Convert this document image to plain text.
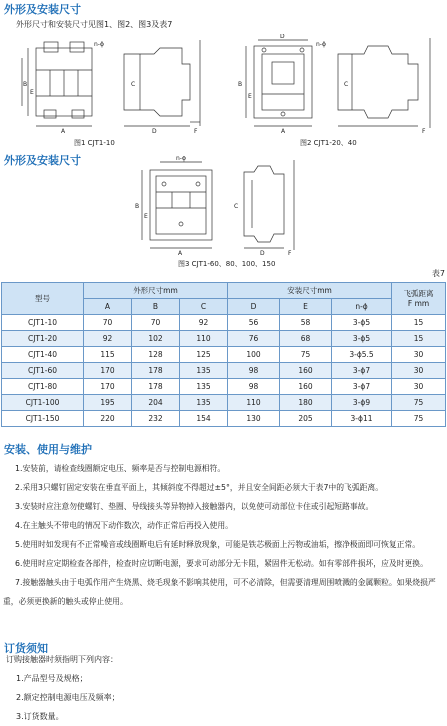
外形及安装尺寸
外形尺寸和安装尺寸见图1、图2、图3及表7
n-ϕ
B
E
A
C
D	F
图1 CJT1-10
n-ϕ
B
E
D
A
C
F
图2 CJT1-20、40
外形及安装尺寸	n-ϕ
B
E
A
C
D	F
图3 CJT1-60、80、100、150
表7
型号	外形尺寸mm			安装尺寸mm			飞弧距离
F mm
	A	B	C	D	E	n-ϕ	
CJT1-10	70	70	92	56	58	3-ϕ5	15
CJT1-20	92	102	110	76	68	3-ϕ5	15
CJT1-40	115	128	125	100	75	3-ϕ5.5	30
CJT1-60	170	178	135	98	160	3-ϕ7	30
CJT1-80	170	178	135	98	160	3-ϕ7	30
CJT1-100	195	204	135	110	180	3-ϕ9	75
CJT1-150	220	232	154	130	205	3-ϕ11	75
安装、使用与维护

1.安装前，请检查线圈额定电压、频率是否与控制电源相符。

2.采用3只螺钉固定安装在垂直平面上，其倾斜度不得超过±5°，并且安全间距必须大于表7中的飞弧距离。

3.安装时应注意勿使螺钉、垫圈、导线接头等异物掉入接触器内，以免使可动部位卡住或引起短路事故。

4.在主触头不带电的情况下动作数次，动作正常后再投入使用。

5.使用时如发现有不正常噪音或线圈断电后有延时释放现象，可能是铁芯极面上污物或油垢，擦净极面即可恢复正常。

6.使用时应定期检查各部件，检查时应切断电源，要求可动部分无卡阻，紧固件无松动。如有零部件损坏，应及时更换。

7.接触器触头由于电弧作用产生烧黑、烧毛现象不影响其使用，可不必清除，但需要清理周围喷溅的金属颗粒。如果烧损严重，必须更换新的触头或停止使用。

订货须知
订购接触器时须指明下列内容：
1.产品型号及规格；
2.额定控制电源电压及频率；
3.订货数量。
